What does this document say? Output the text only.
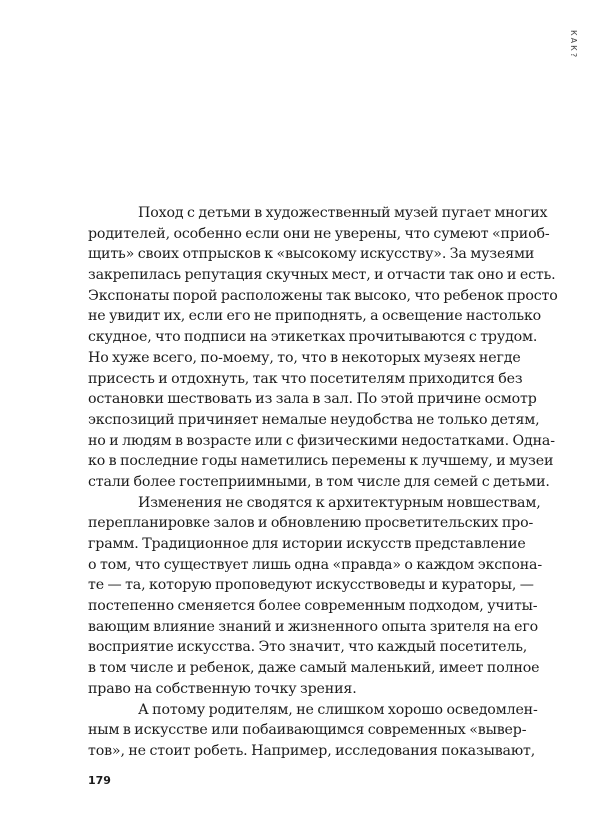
КАК?
Поход с детьми в художественный музей пугает многих
родителей, особенно если они не уверены, что сумеют «приоб-
щить» своих отпрысков к «высокому искусству». За музеями
закрепилась репутация скучных мест, и отчасти так оно и есть.
Экспонаты порой расположены так высоко, что ребенок просто
не увидит их, если его не приподнять, а освещение настолько
скудное, что подписи на этикетках прочитываются с трудом.
Но хуже всего, по-моему, то, что в некоторых музеях негде
присесть и отдохнуть, так что посетителям приходится без
остановки шествовать из зала в зал. По этой причине осмотр
экспозиций причиняет немалые неудобства не только детям,
но и людям в возрасте или с физическими недостатками. Одна-
ко в последние годы наметились перемены к лучшему, и музеи
стали более гостеприимными, в том числе для семей с детьми.
Изменения не сводятся к архитектурным новшествам,
перепланировке залов и обновлению просветительских про-
грамм. Традиционное для истории искусств представление
о том, что существует лишь одна «правда» о каждом экспона-
те — та, которую проповедуют искусствоведы и кураторы, —
постепенно сменяется более современным подходом, учиты-
вающим влияние знаний и жизненного опыта зрителя на его
восприятие искусства. Это значит, что каждый посетитель,
в том числе и ребенок, даже самый маленький, имеет полное
право на собственную точку зрения.
А потому родителям, не слишком хорошо осведомлен-
ным в искусстве или побаивающимся современных «вывер-
тов», не стоит робеть. Например, исследования показывают,
179
